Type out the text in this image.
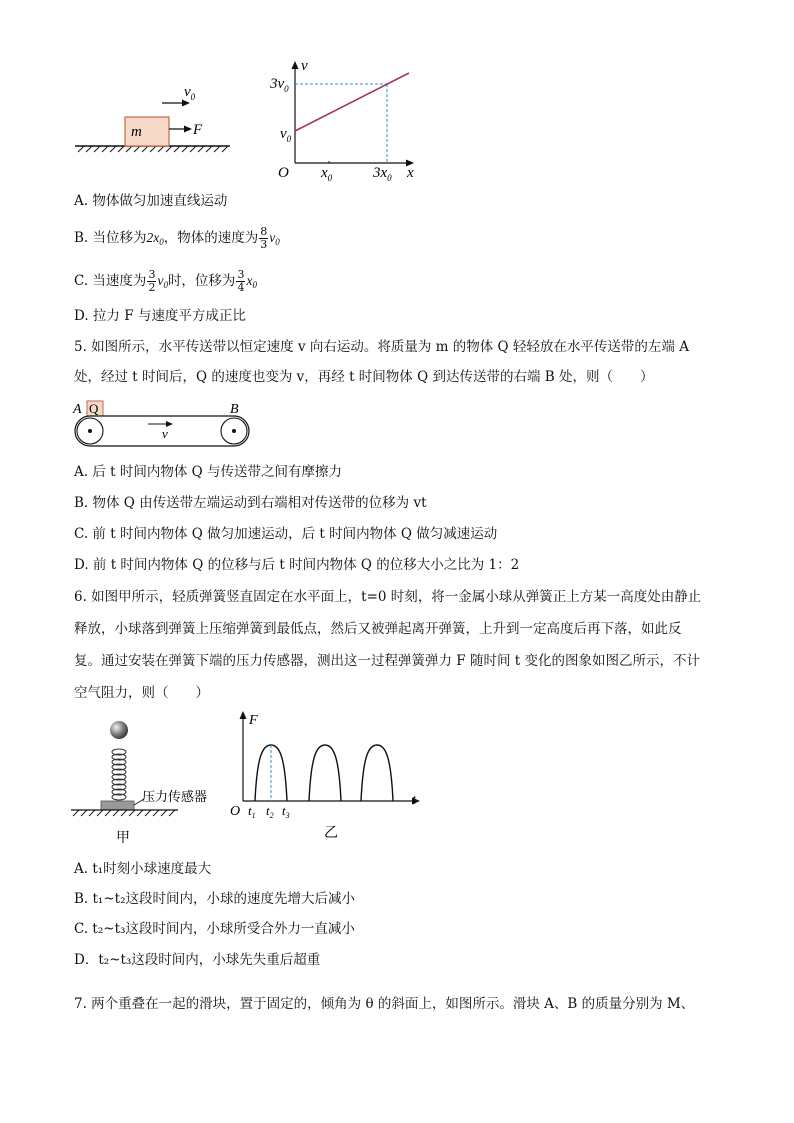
m	F
$v_0$
v
x
O
$3v_0$
$v_0$
$x_0$	$3x_0$
A. 物体做匀加速直线运动
B. 当位移为$2x_0$，物体的速度为 $\frac{8}{3} v_0$
C. 当速度为 $\frac{3}{2} v_0$时，位移为 $\frac{3}{4} x_0$
D. 拉力 F 与速度平方成正比
5. 如图所示，水平传送带以恒定速度 v 向右运动。将质量为 m 的物体 Q 轻轻放在水平传送带的左端 A
处，经过 t 时间后，Q 的速度也变为 v，再经 t 时间物体 Q 到达传送带的右端 B 处，则（　　）
A Q	B
v
A. 后 t 时间内物体 Q 与传送带之间有摩擦力
B. 物体 Q 由传送带左端运动到右端相对传送带的位移为 vt
C. 前 t 时间内物体 Q 做匀加速运动，后 t 时间内物体 Q 做匀减速运动
D. 前 t 时间内物体 Q 的位移与后 t 时间内物体 Q 的位移大小之比为 1：2
6. 如图甲所示，轻质弹簧竖直固定在水平面上，t=0 时刻，将一金属小球从弹簧正上方某一高度处由静止
释放，小球落到弹簧上压缩弹簧到最低点，然后又被弹起离开弹簧，上升到一定高度后再下落，如此反
复。通过安装在弹簧下端的压力传感器，测出这一过程弹簧弹力 F 随时间 t 变化的图象如图乙所示，不计
空气阻力，则（　　）
压力传感器
甲
F
t
O $t_1$ $t_2$ $t_3$
乙
A. t₁时刻小球速度最大
B. t₁~t₂这段时间内，小球的速度先增大后减小
C. t₂~t₃这段时间内，小球所受合外力一直减小
D．t₂~t₃这段时间内，小球先失重后超重
7. 两个重叠在一起的滑块，置于固定的，倾角为 θ 的斜面上，如图所示。滑块 A、B 的质量分别为 M、
